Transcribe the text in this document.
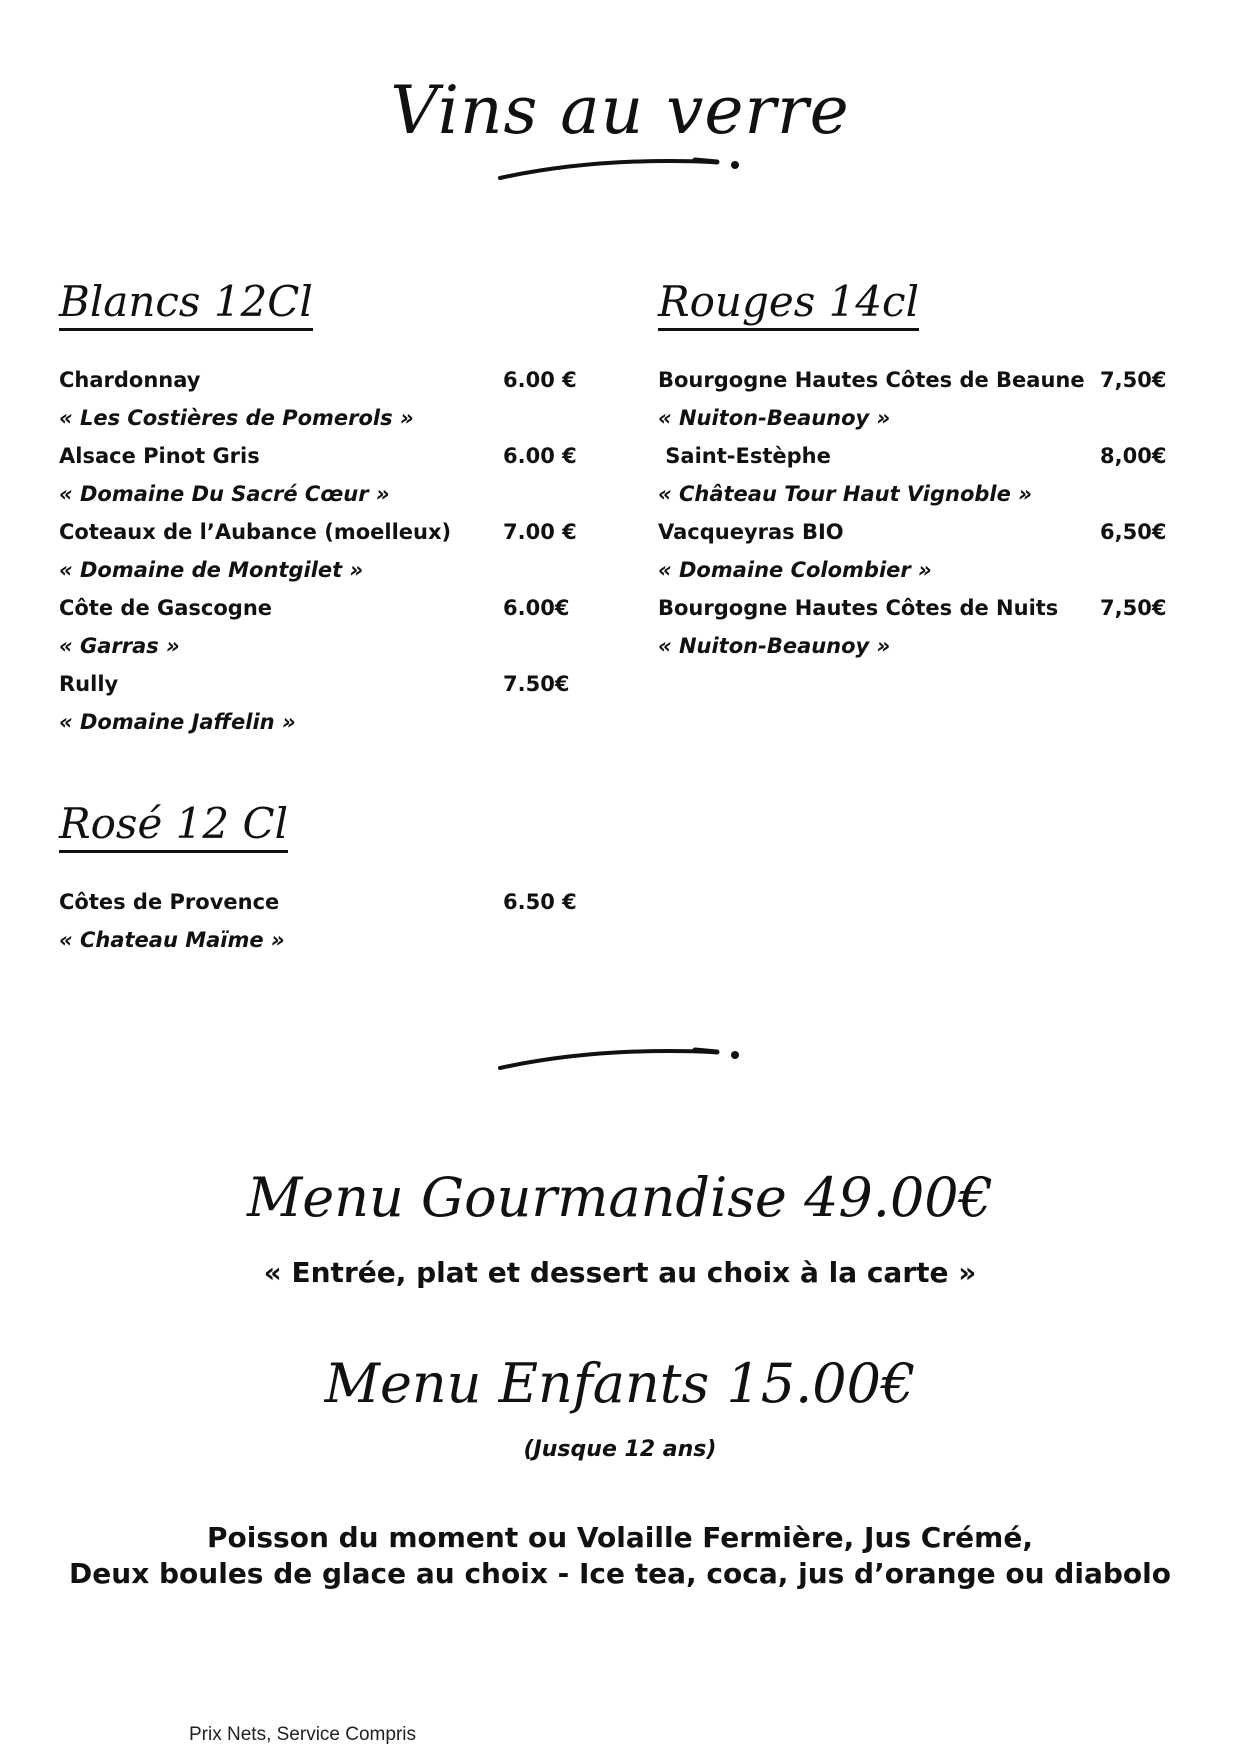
Vins au verre
Blancs 12Cl
Chardonnay	6.00 €
« Les Costières de Pomerols »
Alsace Pinot Gris	6.00 €
« Domaine Du Sacré Cœur »
Coteaux de l’Aubance (moelleux) 7.00 €
« Domaine de Montgilet »
Côte de Gascogne	6.00€
« Garras »
Rully	7.50€
« Domaine Jaffelin »
Rouges 14cl
Bourgogne Hautes Côtes de Beaune 7,50€
« Nuiton-Beaunoy »
Saint-Estèphe	8,00€
« Château Tour Haut Vignoble »
Vacqueyras BIO	6,50€
« Domaine Colombier »
Bourgogne Hautes Côtes de Nuits 7,50€
« Nuiton-Beaunoy »
Rosé 12 Cl
Côtes de Provence	6.50 €
« Chateau Maïme »
Menu Gourmandise 49.00€
« Entrée, plat et dessert au choix à la carte »
Menu Enfants 15.00€
(Jusque 12 ans)
Poisson du moment ou Volaille Fermière, Jus Crémé,
Deux boules de glace au choix - Ice tea, coca, jus d’orange ou diabolo
Prix Nets, Service Compris
